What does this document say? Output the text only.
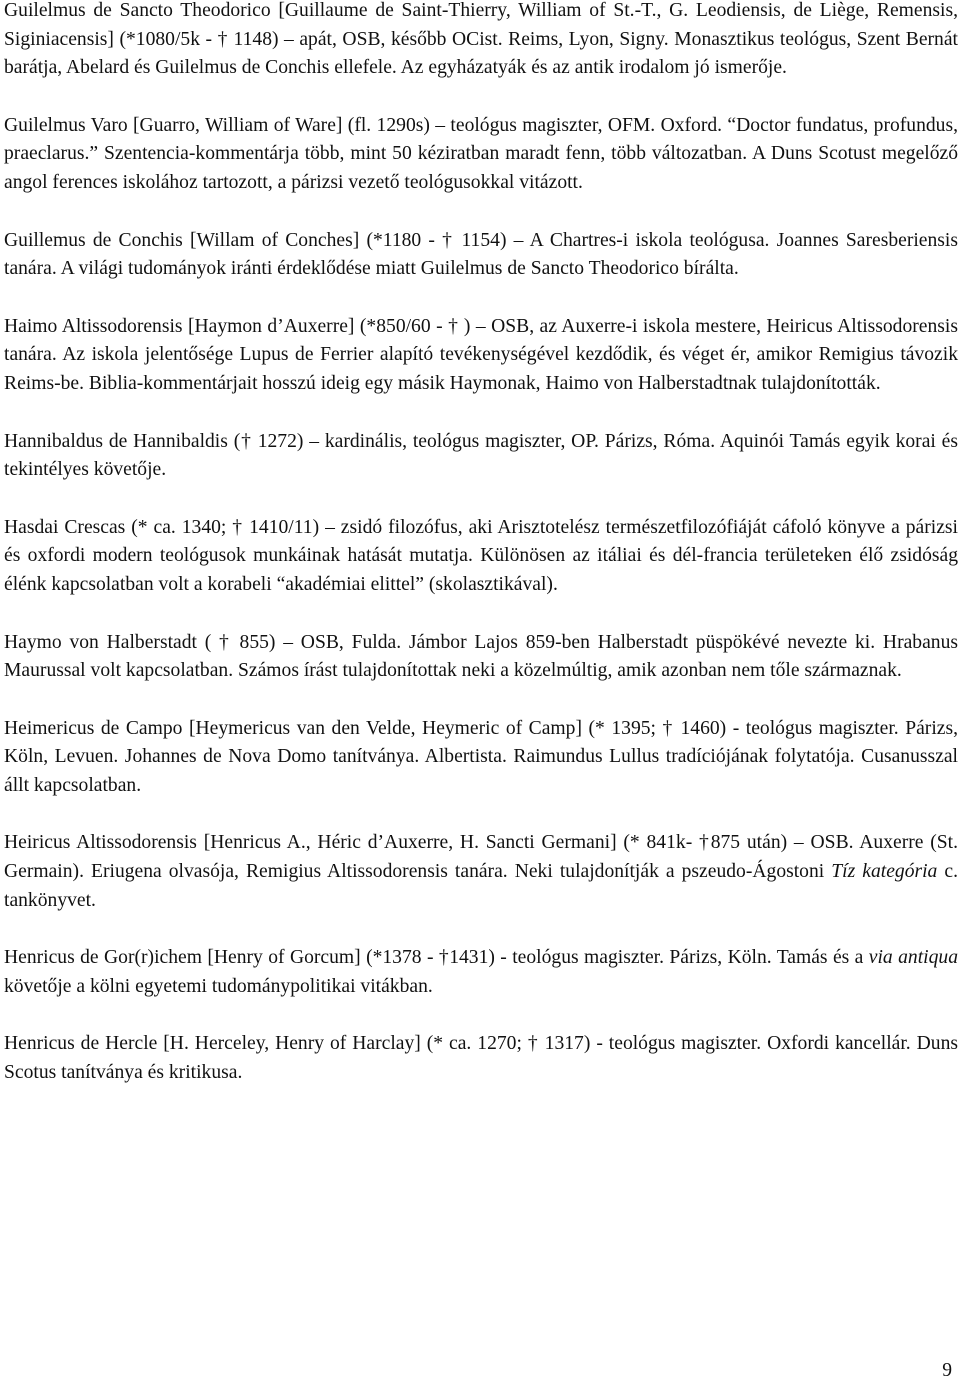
Guilelmus de Sancto Theodorico [Guillaume de Saint-Thierry, William of St.-T., G. Leodiensis, de Liège, Remensis, Siginiacensis] (*1080/5k - † 1148) – apát, OSB, később OCist. Reims, Lyon, Signy. Monasztikus teológus, Szent Bernát barátja, Abelard és Guilelmus de Conchis ellefele. Az egyházatyák és az antik irodalom jó ismerője.

Guilelmus Varo [Guarro, William of Ware] (fl. 1290s) – teológus magiszter, OFM. Oxford. “Doctor fundatus, profundus, praeclarus.” Szentencia-kommentárja több, mint 50 kéziratban maradt fenn, több változatban. A Duns Scotust megelőző angol ferences iskolához tartozott, a párizsi vezető teológusokkal vitázott.

Guillemus de Conchis [Willam of Conches] (*1180 - † 1154) – A Chartres-i iskola teológusa. Joannes Saresberiensis tanára. A világi tudományok iránti érdeklődése miatt Guilelmus de Sancto Theodorico bírálta.

Haimo Altissodorensis [Haymon d’Auxerre] (*850/60 - † ) – OSB, az Auxerre-i iskola mestere, Heiricus Altissodorensis tanára. Az iskola jelentősége Lupus de Ferrier alapító tevékenységével kezdődik, és véget ér, amikor Remigius távozik Reims-be. Biblia-kommentárjait hosszú ideig egy másik Haymonak, Haimo von Halberstadtnak tulajdonították.

Hannibaldus de Hannibaldis († 1272) – kardinális, teológus magiszter, OP. Párizs, Róma. Aquinói Tamás egyik korai és tekintélyes követője.

Hasdai Crescas (* ca. 1340; † 1410/11) – zsidó filozófus, aki Arisztotelész természetfilozófiáját cáfoló könyve a párizsi és oxfordi modern teológusok munkáinak hatását mutatja. Különösen az itáliai és dél-francia területeken élő zsidóság élénk kapcsolatban volt a korabeli “akadémiai elittel” (skolasztikával).

Haymo von Halberstadt ( † 855) – OSB, Fulda. Jámbor Lajos 859-ben Halberstadt püspökévé nevezte ki. Hrabanus Maurussal volt kapcsolatban. Számos írást tulajdonítottak neki a közelmúltig, amik azonban nem tőle származnak.

Heimericus de Campo [Heymericus van den Velde, Heymeric of Camp] (* 1395; † 1460) - teológus magiszter. Párizs, Köln, Levuen. Johannes de Nova Domo tanítványa. Albertista. Raimundus Lullus tradíciójának folytatója. Cusanusszal állt kapcsolatban.

Heiricus Altissodorensis [Henricus A., Héric d’Auxerre, H. Sancti Germani] (* 841k- †875 után) – OSB. Auxerre (St. Germain). Eriugena olvasója, Remigius Altissodorensis tanára. Neki tulajdonítják a pszeudo-Ágostoni Tíz kategória c. tankönyvet.

Henricus de Gor(r)ichem [Henry of Gorcum] (*1378 - †1431) - teológus magiszter. Párizs, Köln. Tamás és a via antiqua követője a kölni egyetemi tudománypolitikai vitákban.

Henricus de Hercle [H. Herceley, Henry of Harclay] (* ca. 1270; † 1317) - teológus magiszter. Oxfordi kancellár. Duns Scotus tanítványa és kritikusa.

9
